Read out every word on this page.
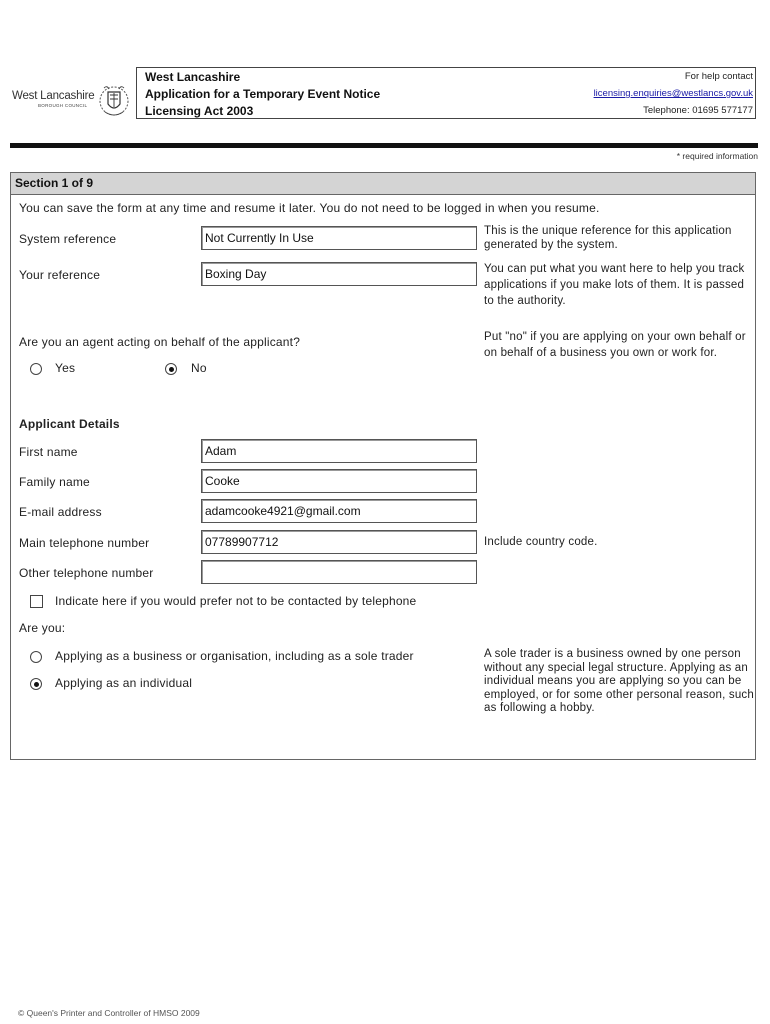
West Lancashire
BOROUGH COUNCIL
West Lancashire
Application for a Temporary Event Notice
Licensing Act 2003
For help contact
licensing.enquiries@westlancs.gov.uk
Telephone: 01695 577177
* required information
Section 1 of 9
You can save the form at any time and resume it later. You do not need to be logged in when you resume.
System reference	Not Currently In Use	This is the unique reference for this application generated by the system.
Your reference	Boxing Day	You can put what you want here to help you track applications if you make lots of them. It is passed to the authority.
Are you an agent acting on behalf of the applicant?
Yes	No
Put "no" if you are applying on your own behalf or on behalf of a business you own or work for.
Applicant Details
First name	Adam
Family name	Cooke
E-mail address	adamcooke4921@gmail.com
Main telephone number	07789907712	Include country code.
Other telephone number
Indicate here if you would prefer not to be contacted by telephone
Are you:
Applying as a business or organisation, including as a sole trader
Applying as an individual
A sole trader is a business owned by one person without any special legal structure. Applying as an individual means you are applying so you can be employed, or for some other personal reason, such as following a hobby.
© Queen's Printer and Controller of HMSO 2009
